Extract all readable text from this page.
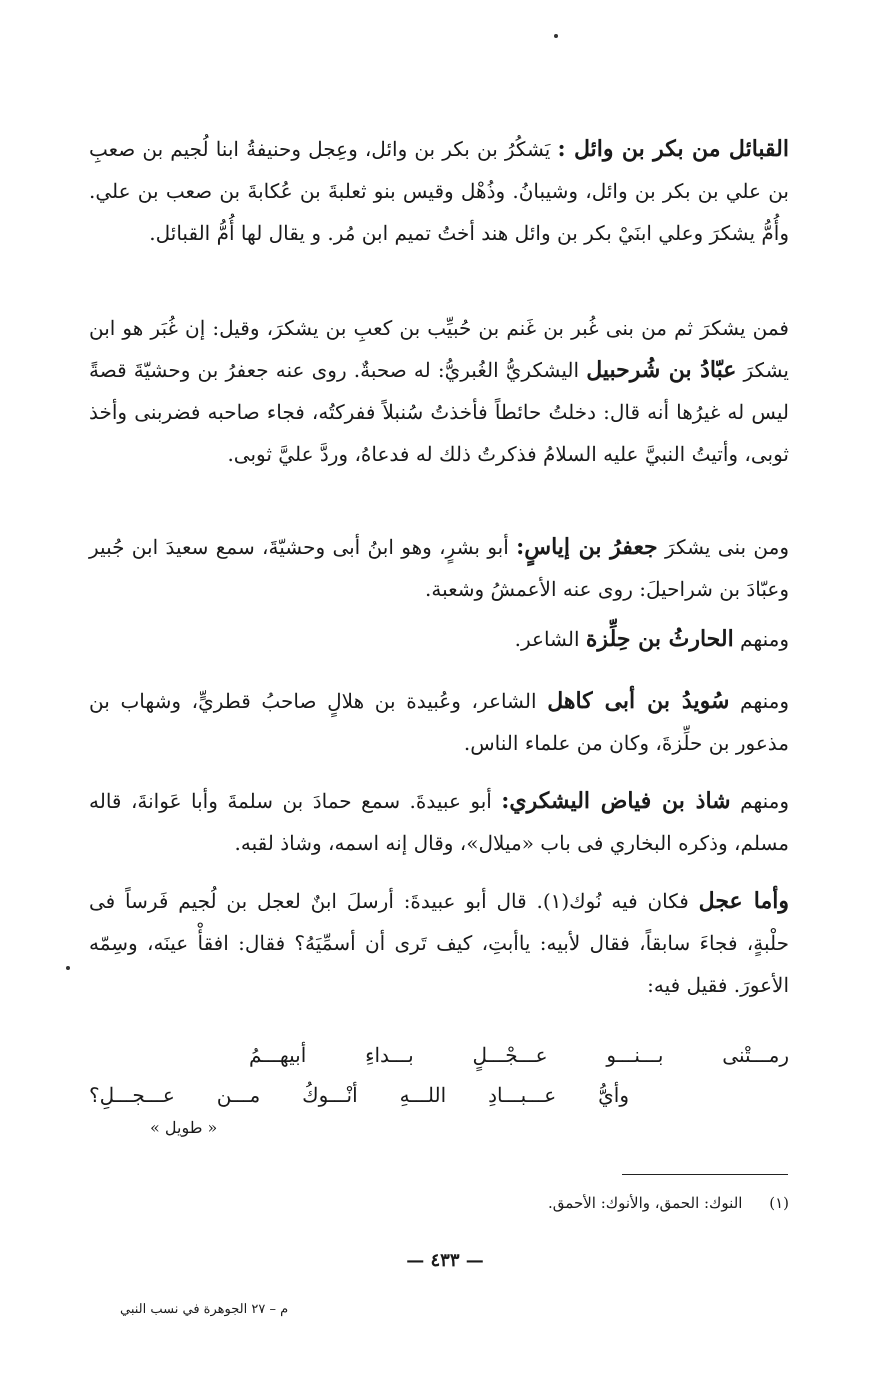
القبائل من بكر بن وائل : يَشكُرُ بن بكر بن وائل، وعِجل وحنيفةُ ابنا لُجيم بن صعبِ بن علي بن بكر بن وائل، وشيبانُ. وذُهْل وقيس بنو ثعلبةَ بن عُكابةَ بن صعب بن علي. وأُمُّ يشكرَ وعلي ابنَيْ بكر بن وائل هند أختُ تميم ابن مُر. و يقال لها أُمُّ القبائل.

فمن يشكرَ ثم من بنى غُبر بن غَنم بن حُبيِّب بن كعبِ بن يشكرَ، وقيل: إن غُبَر هو ابن يشكرَ عبّادُ بن شُرحبيل اليشكريُّ الغُبريُّ: له صحبةٌ. روى عنه جعفرُ بن وحشيّةَ قصةً ليس له غيرُها أنه قال: دخلتُ حائطاً فأخذتُ سُنبلاً ففركتُه، فجاء صاحبه فضربنى وأخذ ثوبى، وأتيتُ النبيَّ عليه السلامُ فذكرتُ ذلك له فدعاهُ، وردَّ عليَّ ثوبى.

ومن بنى يشكرَ جعفرُ بن إياسٍ: أبو بشرٍ، وهو ابنُ أبى وحشيّةَ، سمع سعيدَ ابن جُبير وعبّادَ بن شراحيلَ: روى عنه الأعمشُ وشعبة.

ومنهم الحارثُ بن حِلِّزة الشاعر.

ومنهم سُويدُ بن أبى كاهل الشاعر، وعُبيدة بن هلالٍ صاحبُ قطريٍّ، وشهاب بن مذعور بن حلِّزةَ، وكان من علماء الناس.

ومنهم شاذ بن فياض اليشكري: أبو عبيدةَ. سمع حمادَ بن سلمةَ وأبا عَوانةَ، قاله مسلم، وذكره البخاري فى باب «ميلال»، وقال إنه اسمه، وشاذ لقبه.

وأما عجل فكان فيه نُوك(١). قال أبو عبيدةَ: أرسلَ ابنٌ لعجل بن لُجيم فَرساً فى حلْبةٍ، فجاءَ سابقاً، فقال لأبيه: ياأبتِ، كيف تَرى أن أسمِّيَهُ؟ فقال: افقأْ عينَه، وسِمّه الأعورَ. فقيل فيه:

رمـــتْنى بـــنـــو عـــجْـــلٍ بـــداءِ أبيهـــمُ
وأيُّ عـــبـــادِ اللـــهِ أنْـــوكُ مـــن عـــجـــلِ؟
« طويل »
(١) النوك: الحمق، والأنوك: الأحمق.
— ٤٣٣ —
م – ٢٧ الجوهرة في نسب النبي
